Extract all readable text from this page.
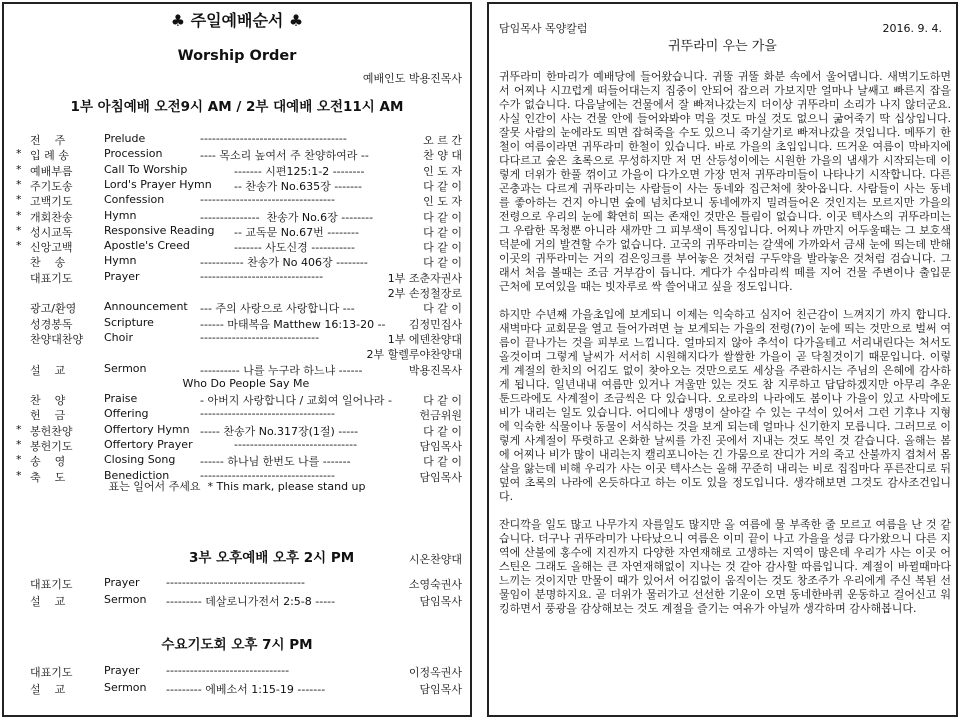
♣ 주일예배순서 ♣
Worship Order
예배인도 박용진목사
1부 아침예배 오전9시 AM / 2부 대예배 오전11시 AM
전    주	Prelude	-------------------------------------	오 르 간
* 입 례 송	Procession	---- 목소리 높여서 주 찬양하여라 --	찬 양 대
* 예배부름	Call To Worship	------- 시편125:1-2 --------	인 도 자
* 주기도송	Lord's Prayer Hymn -- 찬송가 No.635장 -------	다 같 이
* 고백기도	Confession	----------------------------------	인 도 자
* 개회찬송	Hymn	---------------  찬송가 No.6장 --------	다 같 이
* 성시교독	Responsive Reading -- 교독문 No.67번 --------	다 같 이
* 신앙고백	Apostle's Creed	------- 사도신경 -----------	다 같 이
찬    송	Hymn	----------- 찬송가 No 406장 --------	다 같 이
대표기도	Prayer	-------------------------------	1부 조춘자권사
2부 손정철장로
광고/환영	Announcement --- 주의 사랑으로 사랑합니다 ---	다 같 이
성경봉독	Scripture	------ 마태복음 Matthew 16:13-20 -- 김정민집사
찬양대찬양	Choir	------------------------------	1부 에덴찬양대
2부 할렐루야찬양대
설    교	Sermon	---------- 나를 누구라 하느냐 ------	박용진목사
Who Do People Say Me
찬    양	Praise	- 아버지 사랑합니다 / 교회여 일어나라 -	다 같 이
헌    금	Offering	----------------------------------	헌금위원
* 봉헌찬양	Offertory Hymn ----- 찬송가 No.317장(1절) -----	다 같 이
* 봉헌기도	Offertory Prayer	-------------------------------	담임목사
* 송    영	Closing Song ------ 하나님 한번도 나를 -------	다 같 이
* 축    도	Benediction	----------------------------------	담임목사
표는 일어서 주세요  * This mark, please stand up
3부 오후예배 오후 2시 PM	시온찬양대
대표기도	Prayer -----------------------------------	소영숙권사
설    교	Sermon --------- 데살로니가전서 2:5-8 -----	담임목사
수요기도회 오후 7시 PM
대표기도	Prayer -------------------------------	이정옥권사
설    교	Sermon --------- 에베소서 1:15-19 -------	담임목사
담임목사 목양칼럼	2016. 9. 4.
귀뚜라미 우는 가을

귀뚜라미 한마리가 예배당에 들어왔습니다. 귀뚤 귀뚤 화분 속에서 울어댑니다. 새벽기도하면서 어찌나 시끄럽게 떠들어대는지 집중이 안되어 잡으러 가보지만 얼마나 날쌔고 빠른지 잡을 수가 없습니다. 다음날에는 건물에서 잘 빠져나갔는지 더이상 귀뚜라미 소리가 나지 않더군요. 사실 인간이 사는 건물 안에 들어와봐야 먹을 것도 마실 것도 없으니 굶어죽기 딱 십상입니다. 잘못 사람의 눈에라도 띄면 잡혀죽을 수도 있으니 죽기살기로 빠져나갔을 것입니다. 메뚜기 한철이 여름이라면 귀뚜라미 한철이 있습니다. 바로 가을의 초입입니다. 뜨거운 여름이 막바지에 다다르고 숲은 초록으로 무성하지만 저 먼 산등성이에는 시원한 가을의 냄새가 시작되는데 이렇게 더위가 한풀 꺾이고 가을이 다가오면 가장 먼저 귀뚜라미들이 나타나기 시작합니다. 다른 곤충과는 다르게 귀뚜라미는 사람들이 사는 동네와 집근처에 찾아옵니다. 사람들이 사는 동네를 좋아하는 건지 아니면 숲에 넘치다보니 동네에까지 밀려들어온 것인지는 모르지만 가을의 전령으로 우리의 눈에 확연히 띄는 존재인 것만은 틀림이 없습니다. 이곳 텍사스의 귀뚜라미는 그 우람한 목청뿐 아니라 새까만 그 피부색이 특징입니다. 어찌나 까만지 어두울때는 그 보호색덕분에 거의 발견할 수가 없습니다. 고국의 귀뚜라미는 갈색에 가까와서 금새 눈에 띄는데 반해 이곳의 귀뚜라미는 거의 검은잉크를 부어놓은 것처럼 구두약을 발라놓은 것처럼 검습니다. 그래서 처음 볼때는 조금 거부감이 듭니다. 게다가 수십마리씩 떼를 지어 건물 주변이나 출입문 근처에 모여있을 때는 빗자루로 싹 쓸어내고 싶을 정도입니다.

하지만 수년째 가을초입에 보게되니 이제는 익숙하고 심지어 친근감이 느껴지기 까지 합니다. 새벽마다 교회문을 열고 들어가려면 늘 보게되는 가을의 전령(?)이 눈에 띄는 것만으로 벌써 여름이 끝나가는 것을 피부로 느낍니다. 얼마되지 않아 추석이 다가올테고 서리내린다는 처서도 올것이며 그렇게 날씨가 서서히 시원해지다가 쌀쌀한 가을이 곧 닥칠것이기 때문입니다. 이렇게 계절의 한치의 어김도 없이 찾아오는 것만으로도 세상을 주관하시는 주님의 은혜에 감사하게 됩니다. 일년내내 여름만 있거나 겨울만 있는 것도 참 지루하고 답답하겠지만 아무리 추운 툰드라에도 사계절이 조금씩은 다 있습니다. 오로라의 나라에도 봄이나 가을이 있고 사막에도 비가 내리는 일도 있습니다. 어디에나 생명이 살아갈 수 있는 구석이 있어서 그런 기후나 지형에 익숙한 식물이나 동물이 서식하는 것을 보게 되는데 얼마나 신기한지 모릅니다. 그러므로 이렇게 사계절이 뚜렷하고 온화한 날씨를 가진 곳에서 지내는 것도 복인 것 같습니다. 올해는 봄에 어찌나 비가 많이 내리는지 캘리포니아는 긴 가뭄으로 잔디가 거의 죽고 산불까지 겹쳐서 몸살을 앓는데 비해 우리가 사는 이곳 텍사스는 올해 꾸준히 내리는 비로 집집마다 푸른잔디로 뒤덮여 초록의 나라에 온듯하다고 하는 이도 있을 정도입니다. 생각해보면 그것도 감사조건입니다.

잔디깍을 일도 많고 나무가지 자를일도 많지만 올 여름에 물 부족한 줄 모르고 여름을 난 것 같습니다. 더구나 귀뚜라미가 나타났으니 여름은 이미 끝이 나고 가을을 성큼 다가왔으니 다른 지역에 산불에 홍수에 지진까지 다양한 자연재해로 고생하는 지역이 많은데 우리가 사는 이곳 어스틴은 그래도 올해는 큰 자연재해없이 지나는 것 같아 감사할 따름입니다. 계절이 바뀔때마다 느끼는 것이지만 만물이 때가 있어서 어김없이 움직이는 것도 창조주가 우리에게 주신 복된 선물임이 분명하지요. 곧 더위가 물러가고 선선한 기운이 오면 동네한바퀴 운동하고 걸어신고 워킹하면서 풍광을 감상해보는 것도 계절을 즐기는 여유가 아닐까 생각하며 감사해봅니다.
